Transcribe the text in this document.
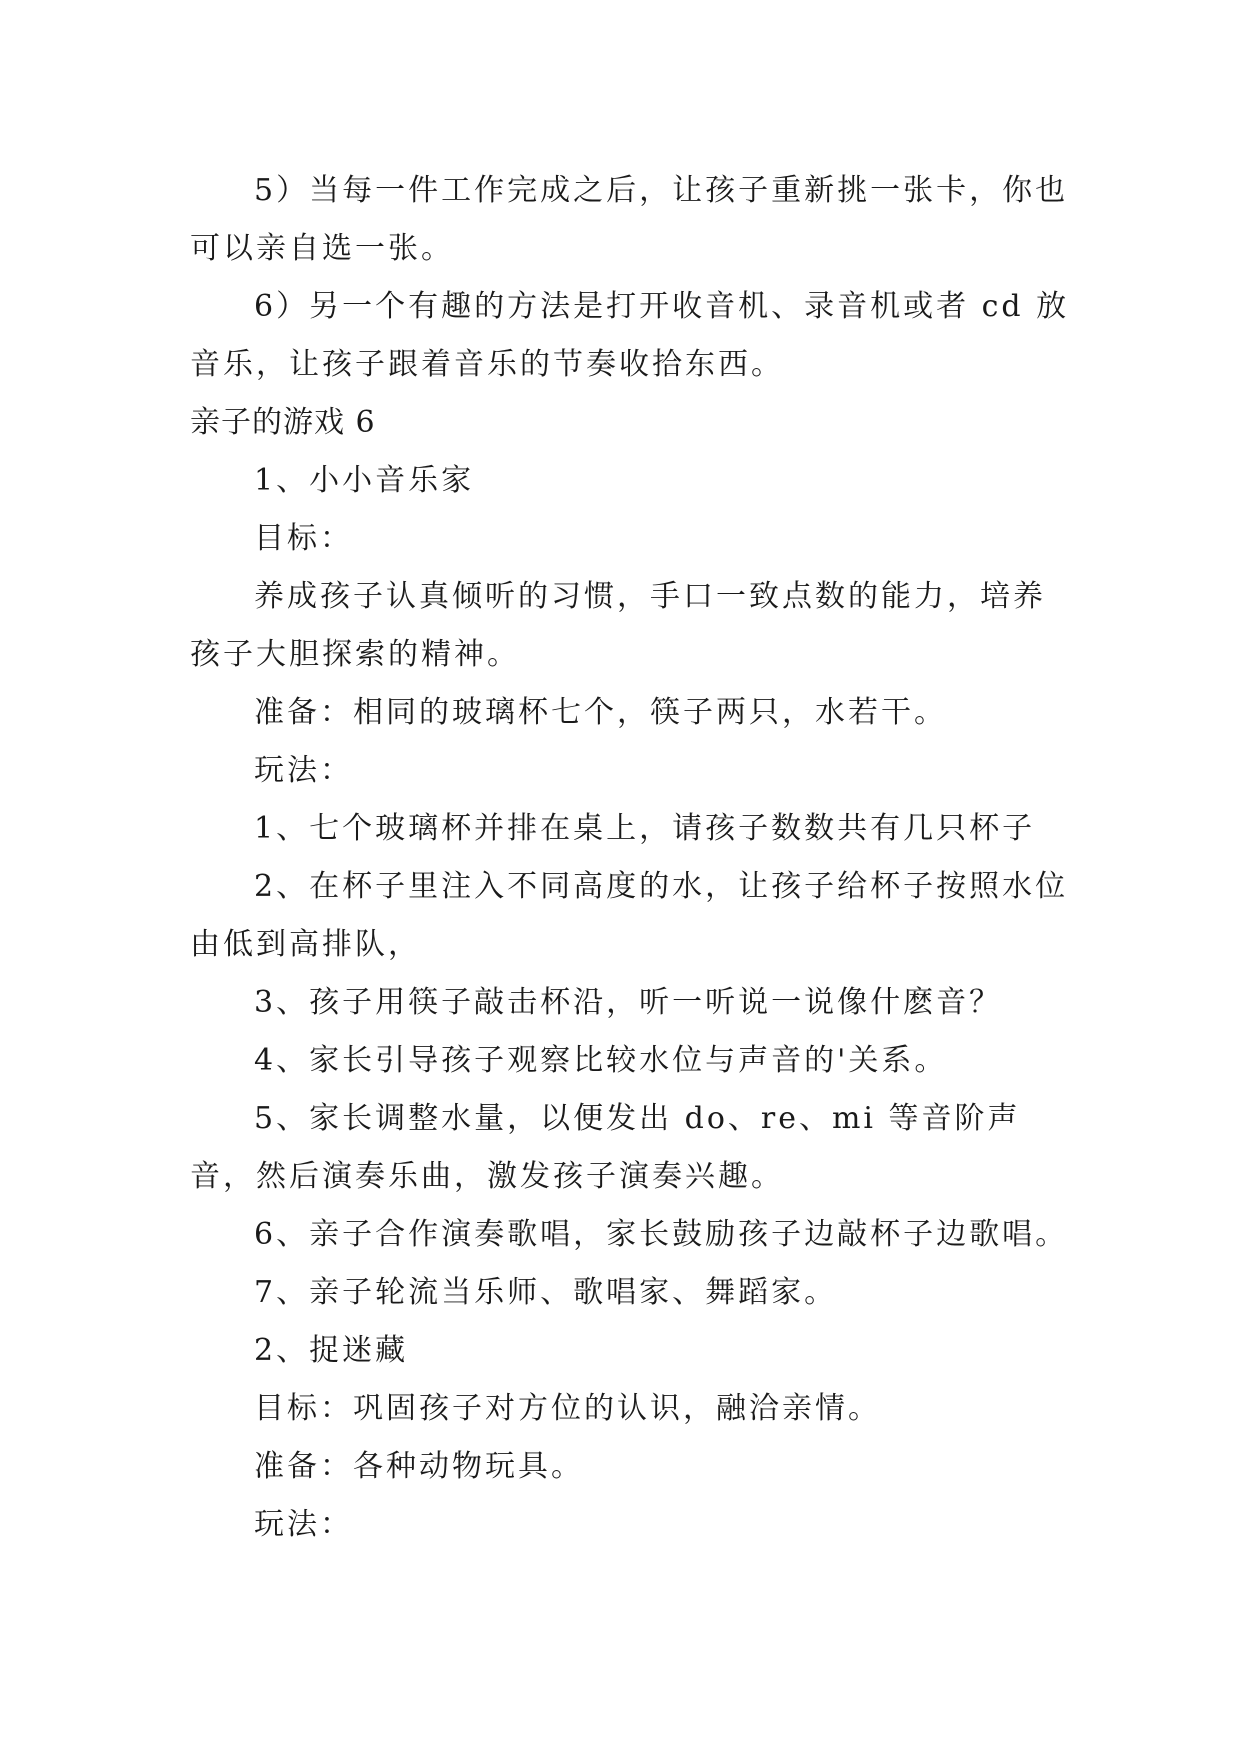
5）当每一件工作完成之后，让孩子重新挑一张卡，你也可以亲自选一张。

6）另一个有趣的方法是打开收音机、录音机或者 cd 放音乐，让孩子跟着音乐的节奏收拾东西。

亲子的游戏 6

1、小小音乐家

目标：

养成孩子认真倾听的习惯，手口一致点数的能力，培养孩子大胆探索的精神。

准备：相同的玻璃杯七个，筷子两只，水若干。

玩法：

1、七个玻璃杯并排在桌上，请孩子数数共有几只杯子

2、在杯子里注入不同高度的水，让孩子给杯子按照水位由低到高排队，

3、孩子用筷子敲击杯沿，听一听说一说像什麽音？

4、家长引导孩子观察比较水位与声音的'关系。

5、家长调整水量，以便发出 do、re、mi 等音阶声音，然后演奏乐曲，激发孩子演奏兴趣。

6、亲子合作演奏歌唱，家长鼓励孩子边敲杯子边歌唱。

7、亲子轮流当乐师、歌唱家、舞蹈家。

2、捉迷藏

目标：巩固孩子对方位的认识，融洽亲情。

准备：各种动物玩具。

玩法：
